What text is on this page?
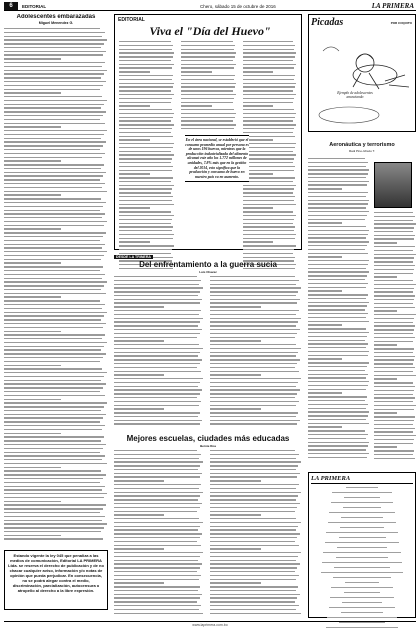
6	EDITORIAL	Chero, sábado 15 de octubre de 2016	LA PRIMERA
Adolescentes embarazadas
Miguel Menendez G.
Estando vigente la ley 045 que penaliza a las medios de comunicación, Editorial LA PRIMERA Ltda. se reserva el derecho de publicación y de no chacar cualquier aviso, información y/o notas de opinión que pueda perjudicar. En consecuencia, no se podrá alegar contra el medio, discriminación, parcialización, autocensura o atropello al derecho a la libre expresión.
EDITORIAL
Viva el "Día del Huevo"
En el área nacional, se estableció que el consumo promedio anual por persona es de unos 196 huevos, mientras que la producción industrializada del alimento alcanzó este año los 1.772 millones de unidades, 7.8% más que en la gestión del 2014, esto significa que la producción y consumo de huevo en nuestro país va en aumento.
Picadas	POR COQUITO
Ejemplo de adolescentes anunciando
Aeronáutica y terrorismo
Raúl Pino-Ichazo T.
DESDE LA TRINERA
Del enfrentamiento a la guerra sucia
Luis Chavez
Mejores escuelas, ciudades más educadas
Bernie Roa
LA PRIMERA
www.laprimera.com.bo
